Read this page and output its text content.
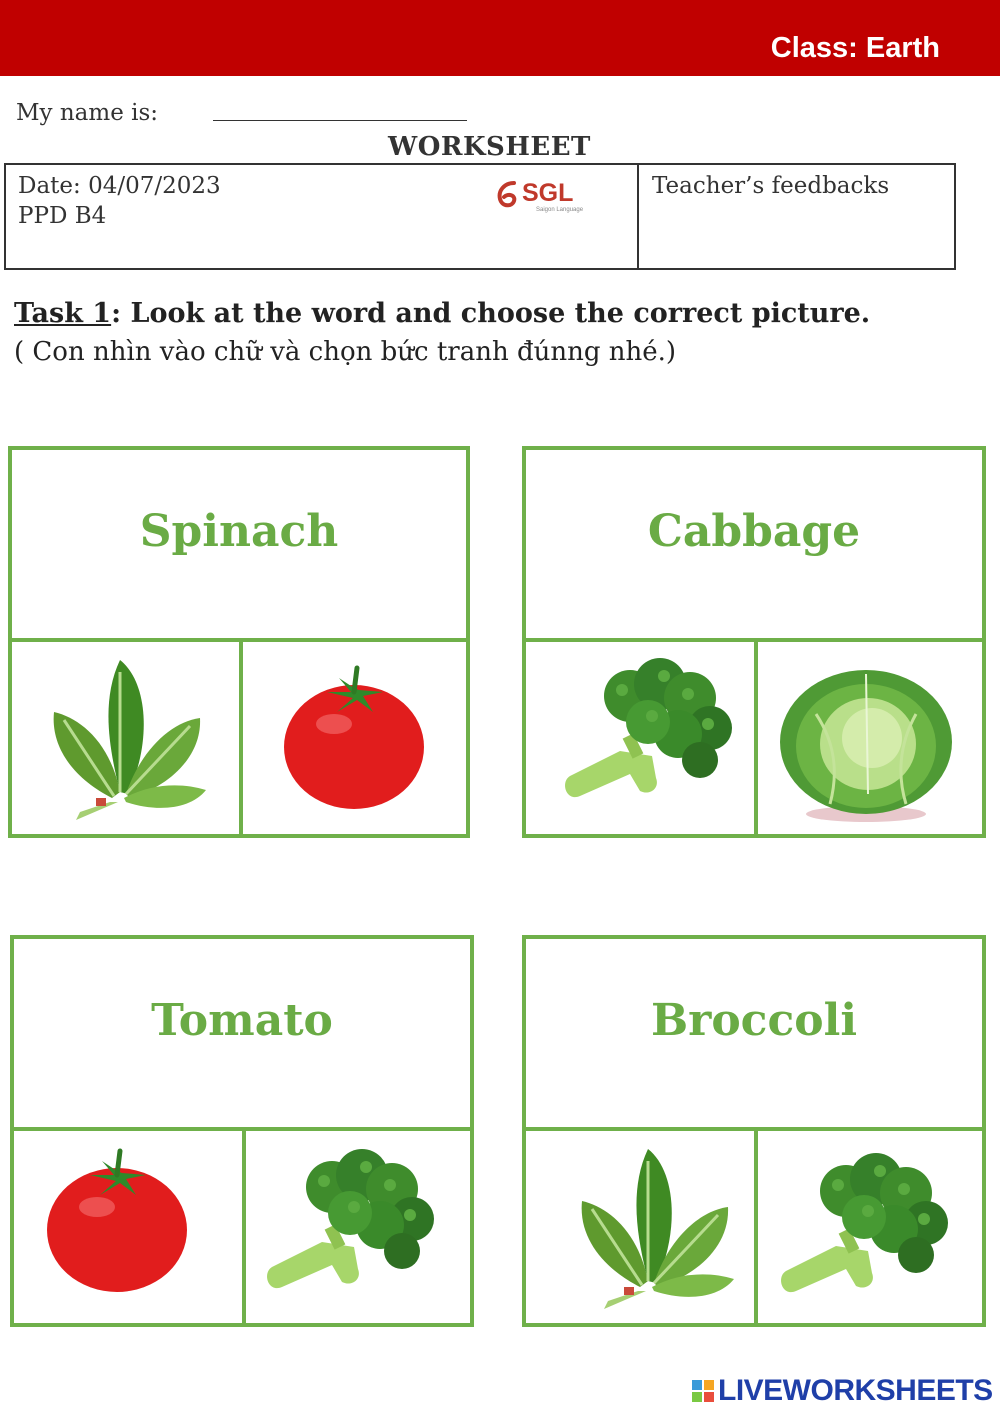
Class: Earth
My name is:
WORKSHEET
Date: 04/07/2023
PPD B4
SGL
Saigon Language
Teacher’s feedbacks
Task 1: Look at the word and choose the correct picture.
( Con nhìn vào chữ và chọn bức tranh đúnng nhé.)
Spinach	Cabbage
Tomato	Broccoli
LIVEWORKSHEETS
